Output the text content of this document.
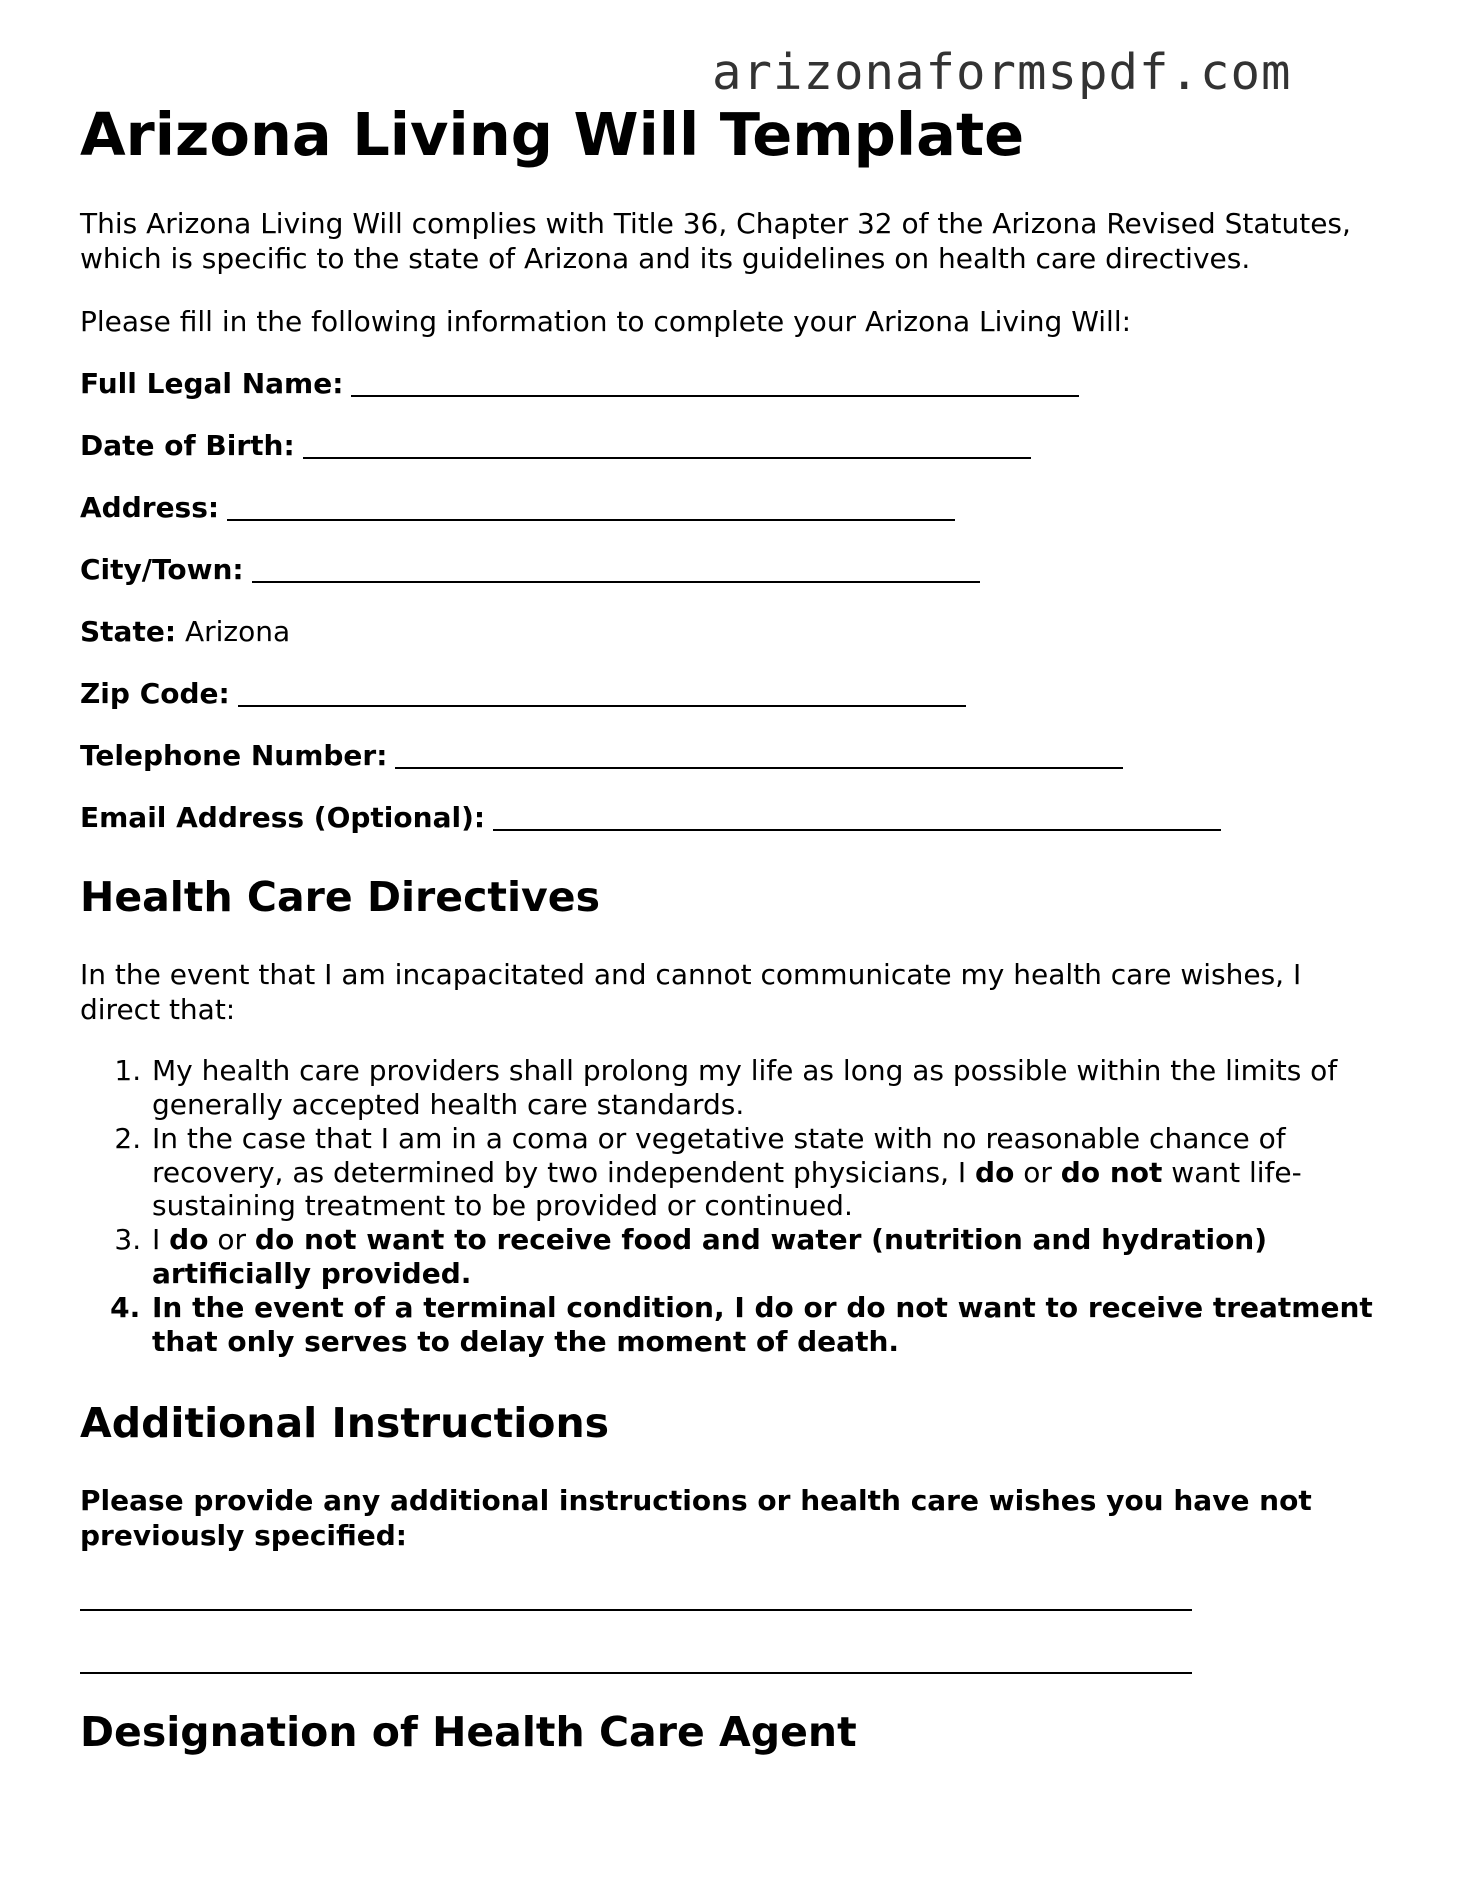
arizonaformspdf.com
Arizona Living Will Template

This Arizona Living Will complies with Title 36, Chapter 32 of the Arizona Revised Statutes, which is specific to the state of Arizona and its guidelines on health care directives.

Please fill in the following information to complete your Arizona Living Will:

Full Legal Name:
Date of Birth:
Address:
City/Town:
State: Arizona
Zip Code:
Telephone Number:
Email Address (Optional):
Health Care Directives

In the event that I am incapacitated and cannot communicate my health care wishes, I direct that:

1. My health care providers shall prolong my life as long as possible within the limits of generally accepted health care standards.
2. In the case that I am in a coma or vegetative state with no reasonable chance of recovery, as determined by two independent physicians, I do or do not want life-sustaining treatment to be provided or continued.
3. I do or do not want to receive food and water (nutrition and hydration) artificially provided.
4. In the event of a terminal condition, I do or do not want to receive treatment that only serves to delay the moment of death.
Additional Instructions

Please provide any additional instructions or health care wishes you have not previously specified:

Designation of Health Care Agent
